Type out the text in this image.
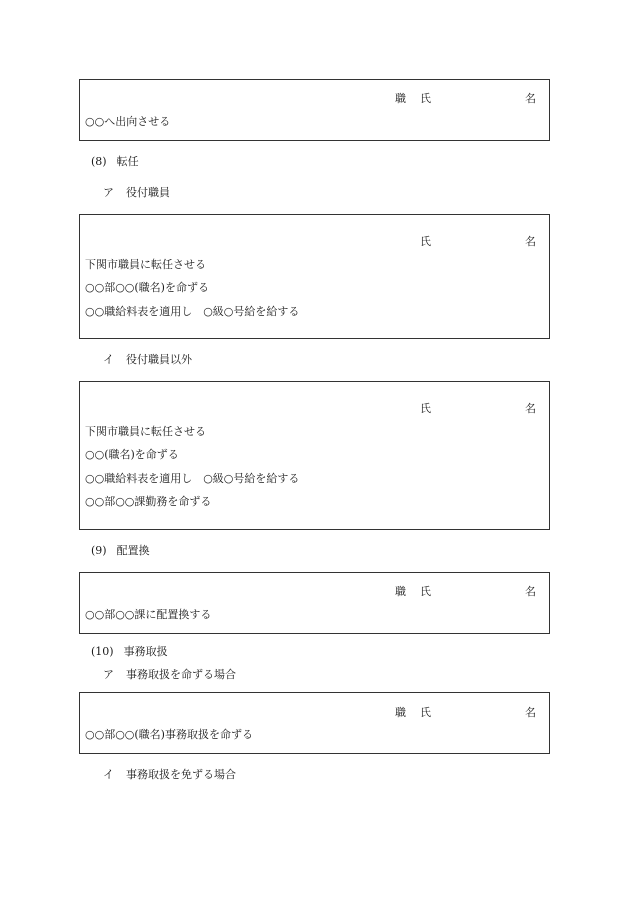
職 氏	名
○○へ出向させる
(8) 転任
ア 役付職員
氏	名
下関市職員に転任させる
○○部○○(職名)を命ずる
○○職給料表を適用し　○級○号給を給する
イ 役付職員以外
氏	名
下関市職員に転任させる
○○(職名)を命ずる
○○職給料表を適用し　○級○号給を給する
○○部○○課勤務を命ずる
(9) 配置換
職 氏	名
○○部○○課に配置換する
(10) 事務取扱
ア 事務取扱を命ずる場合
職 氏	名
○○部○○(職名)事務取扱を命ずる
イ 事務取扱を免ずる場合
